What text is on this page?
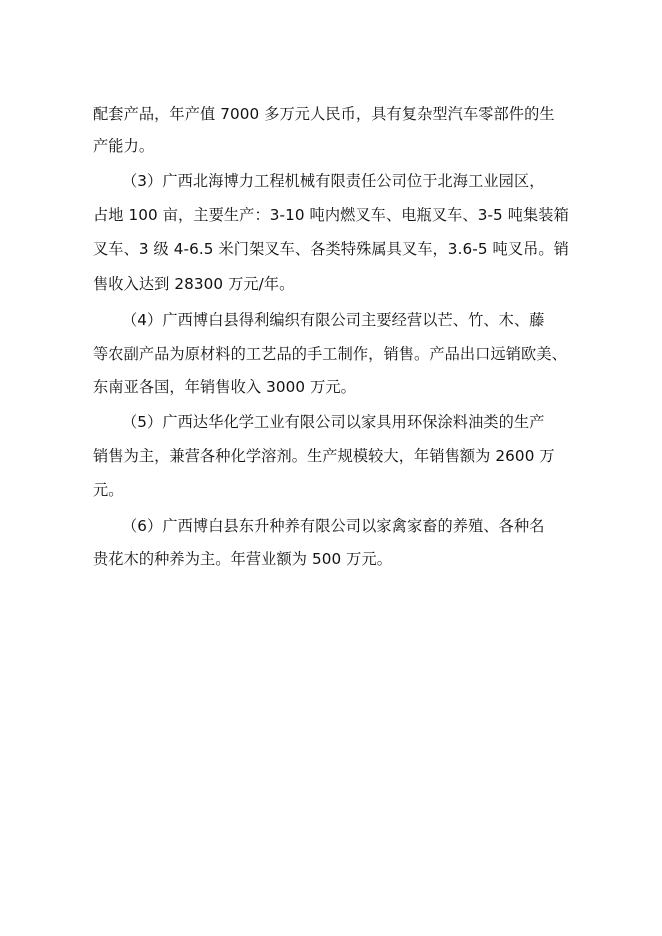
配套产品，年产值 7000 多万元人民币，具有复杂型汽车零部件的生
产能力。
（3）广西北海博力工程机械有限责任公司位于北海工业园区，
占地 100 亩，主要生产：3-10 吨内燃叉车、电瓶叉车、3-5 吨集装箱
叉车、3 级 4-6.5 米门架叉车、各类特殊属具叉车，3.6-5 吨叉吊。销
售收入达到 28300 万元/年。
（4）广西博白县得利编织有限公司主要经营以芒、竹、木、藤
等农副产品为原材料的工艺品的手工制作，销售。产品出口远销欧美、
东南亚各国，年销售收入 3000 万元。
（5）广西达华化学工业有限公司以家具用环保涂料油类的生产
销售为主，兼营各种化学溶剂。生产规模较大，年销售额为 2600 万
元。
（6）广西博白县东升种养有限公司以家禽家畜的养殖、各种名
贵花木的种养为主。年营业额为 500 万元。
